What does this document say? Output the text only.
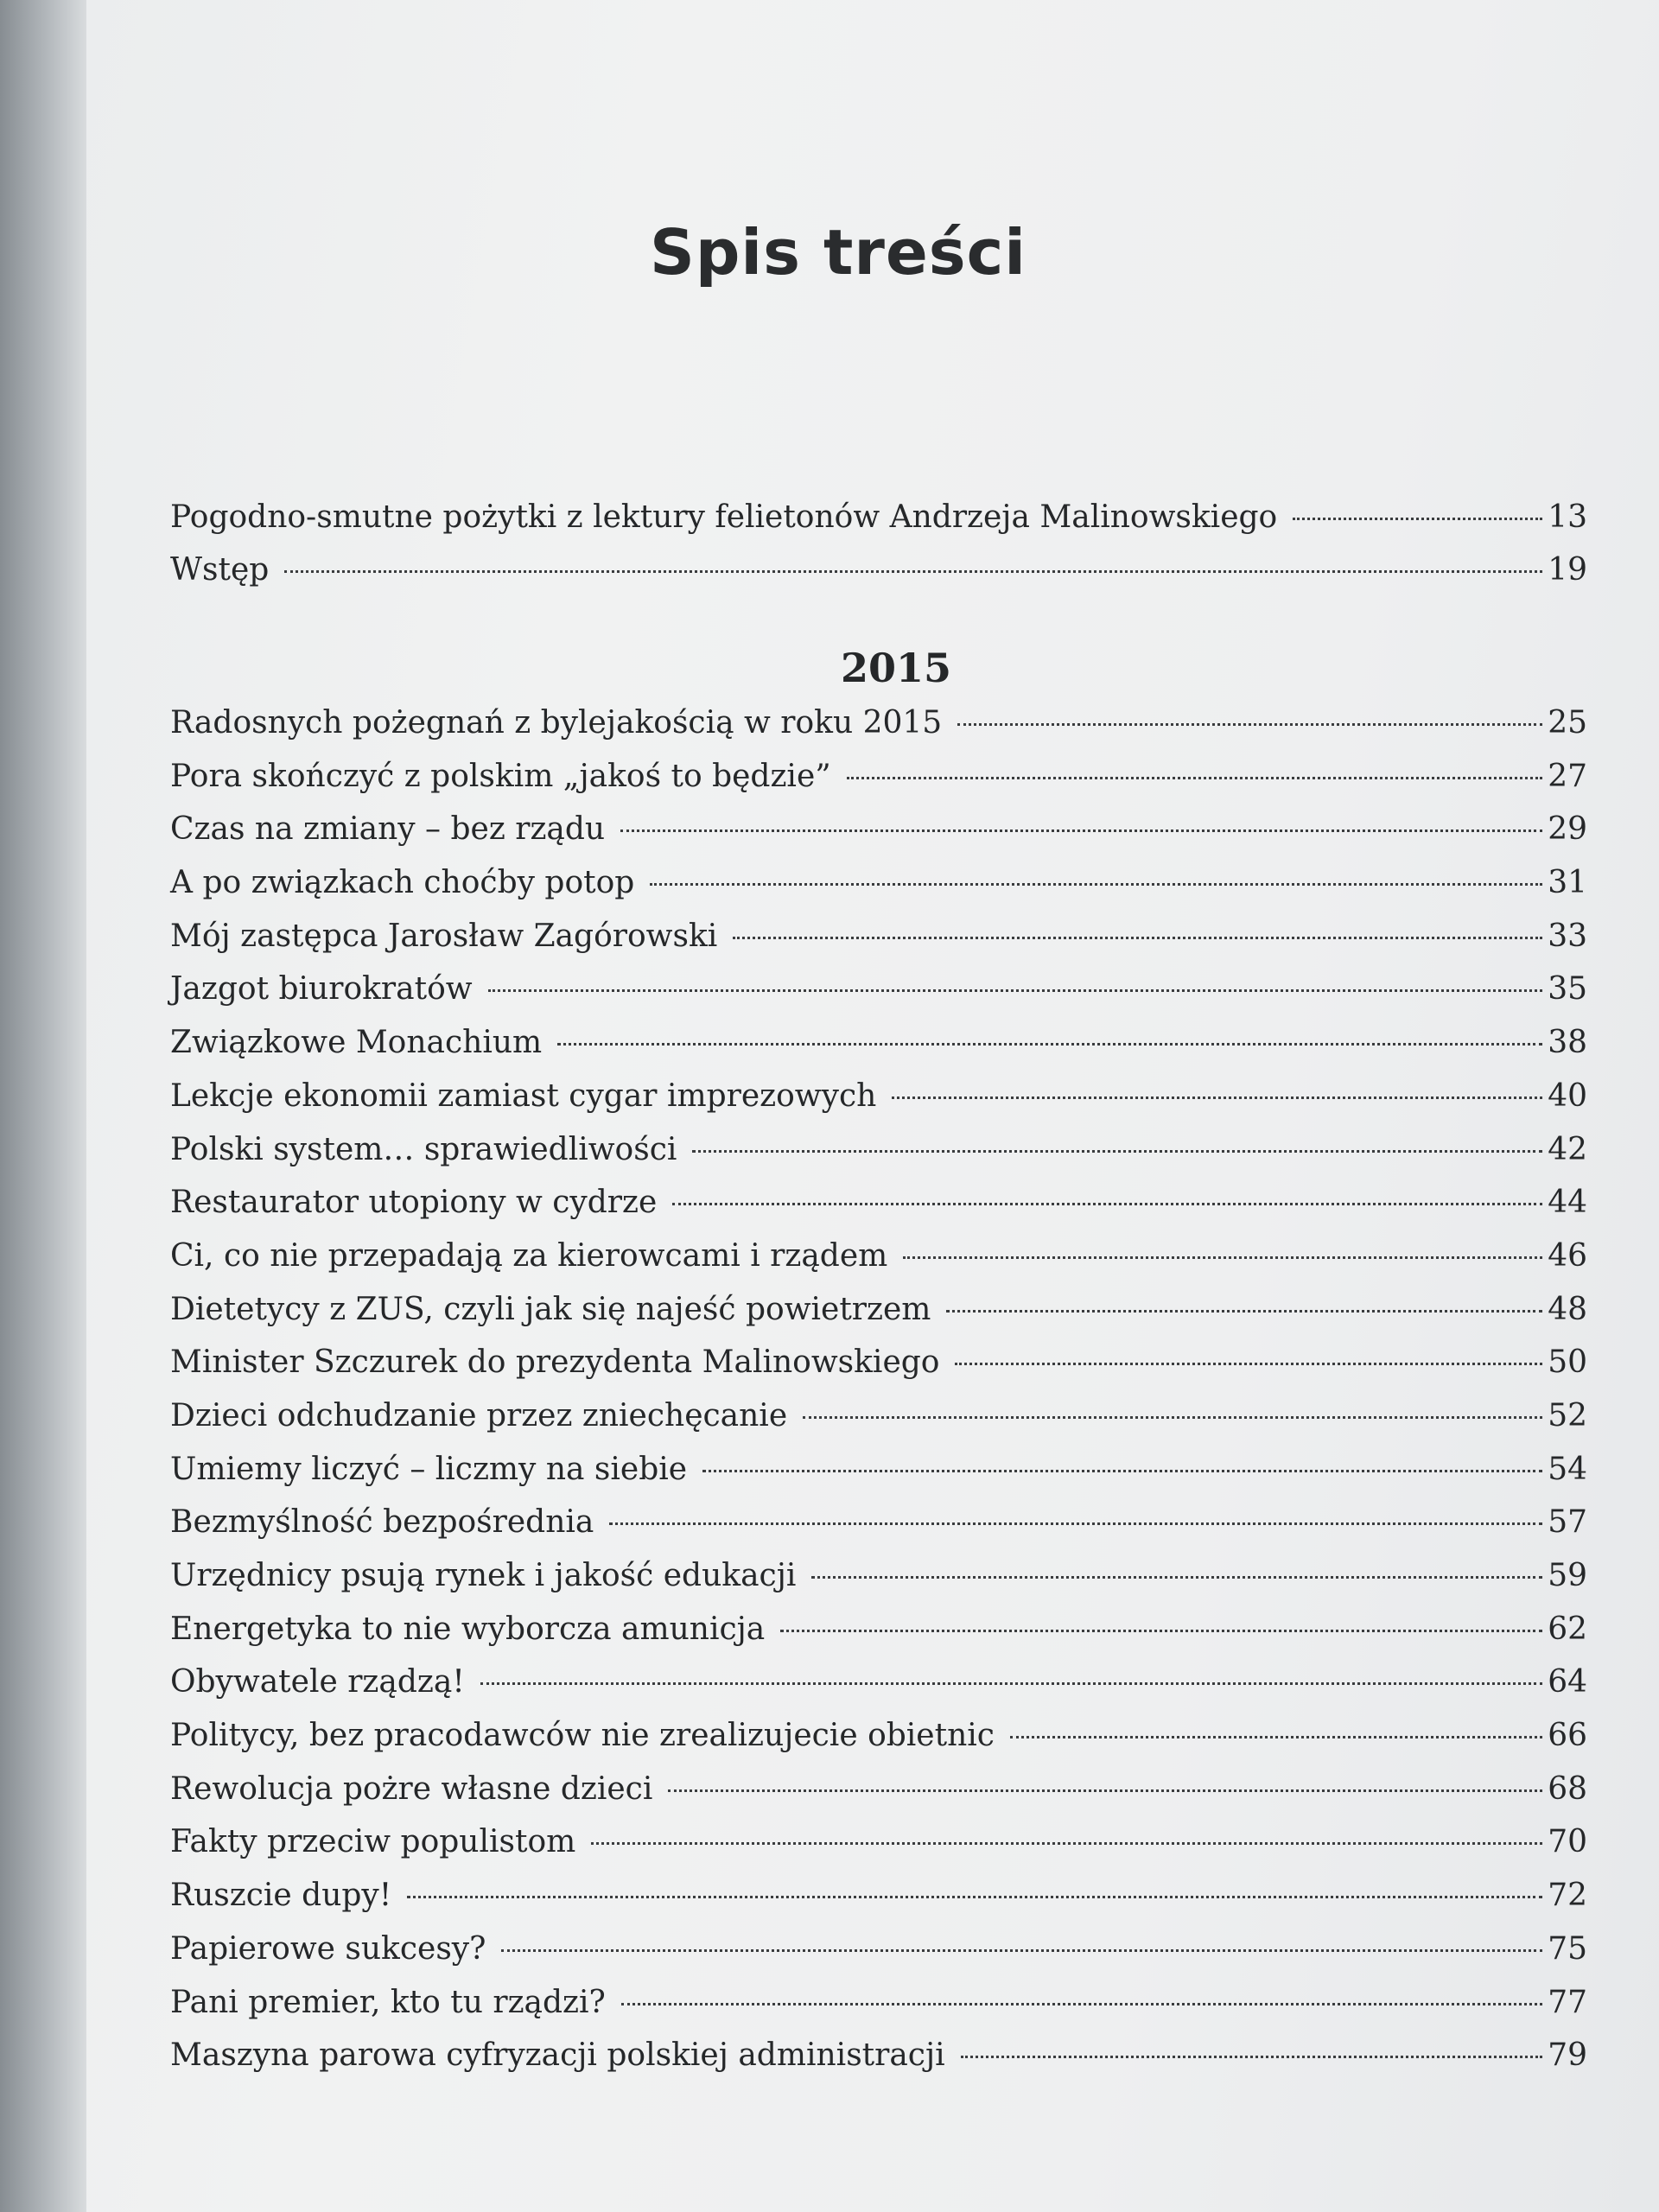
Spis treści
Pogodno-smutne pożytki z lektury felietonów Andrzeja Malinowskiego	13
Wstęp	19
2015
Radosnych pożegnań z bylejakością w roku 2015	25
Pora skończyć z polskim „jakoś to będzie”	27
Czas na zmiany – bez rządu	29
A po związkach choćby potop	31
Mój zastępca Jarosław Zagórowski	33
Jazgot biurokratów	35
Związkowe Monachium	38
Lekcje ekonomii zamiast cygar imprezowych	40
Polski system… sprawiedliwości	42
Restaurator utopiony w cydrze	44
Ci, co nie przepadają za kierowcami i rządem	46
Dietetycy z ZUS, czyli jak się najeść powietrzem	48
Minister Szczurek do prezydenta Malinowskiego	50
Dzieci odchudzanie przez zniechęcanie	52
Umiemy liczyć – liczmy na siebie	54
Bezmyślność bezpośrednia	57
Urzędnicy psują rynek i jakość edukacji	59
Energetyka to nie wyborcza amunicja	62
Obywatele rządzą!	64
Politycy, bez pracodawców nie zrealizujecie obietnic	66
Rewolucja pożre własne dzieci	68
Fakty przeciw populistom	70
Ruszcie dupy!	72
Papierowe sukcesy?	75
Pani premier, kto tu rządzi?	77
Maszyna parowa cyfryzacji polskiej administracji	79
